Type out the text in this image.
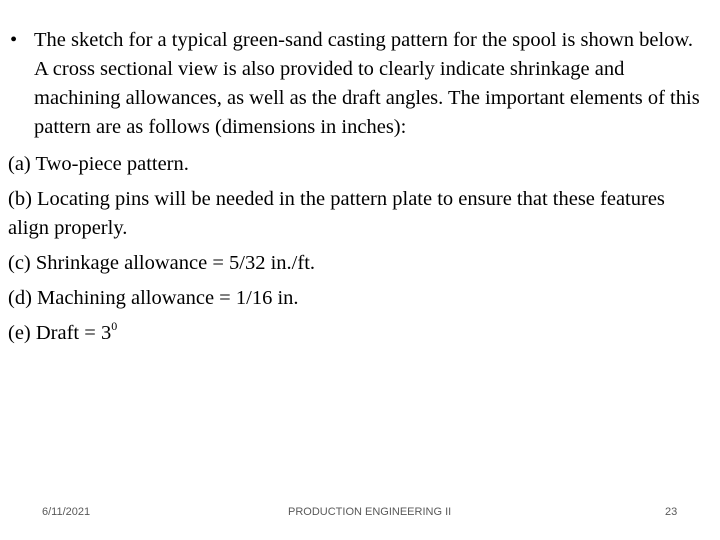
• The sketch for a typical green-sand casting pattern for the spool is shown below. A cross sectional view is also provided to clearly indicate shrinkage and machining allowances, as well as the draft angles. The important elements of this pattern are as follows (dimensions in inches):
(a) Two-piece pattern.
(b) Locating pins will be needed in the pattern plate to ensure that these features align properly.
(c) Shrinkage allowance = 5/32 in./ft.
(d) Machining allowance = 1/16 in.
(e) Draft = $3^0$
6/11/2021	PRODUCTION ENGINEERING II	23
